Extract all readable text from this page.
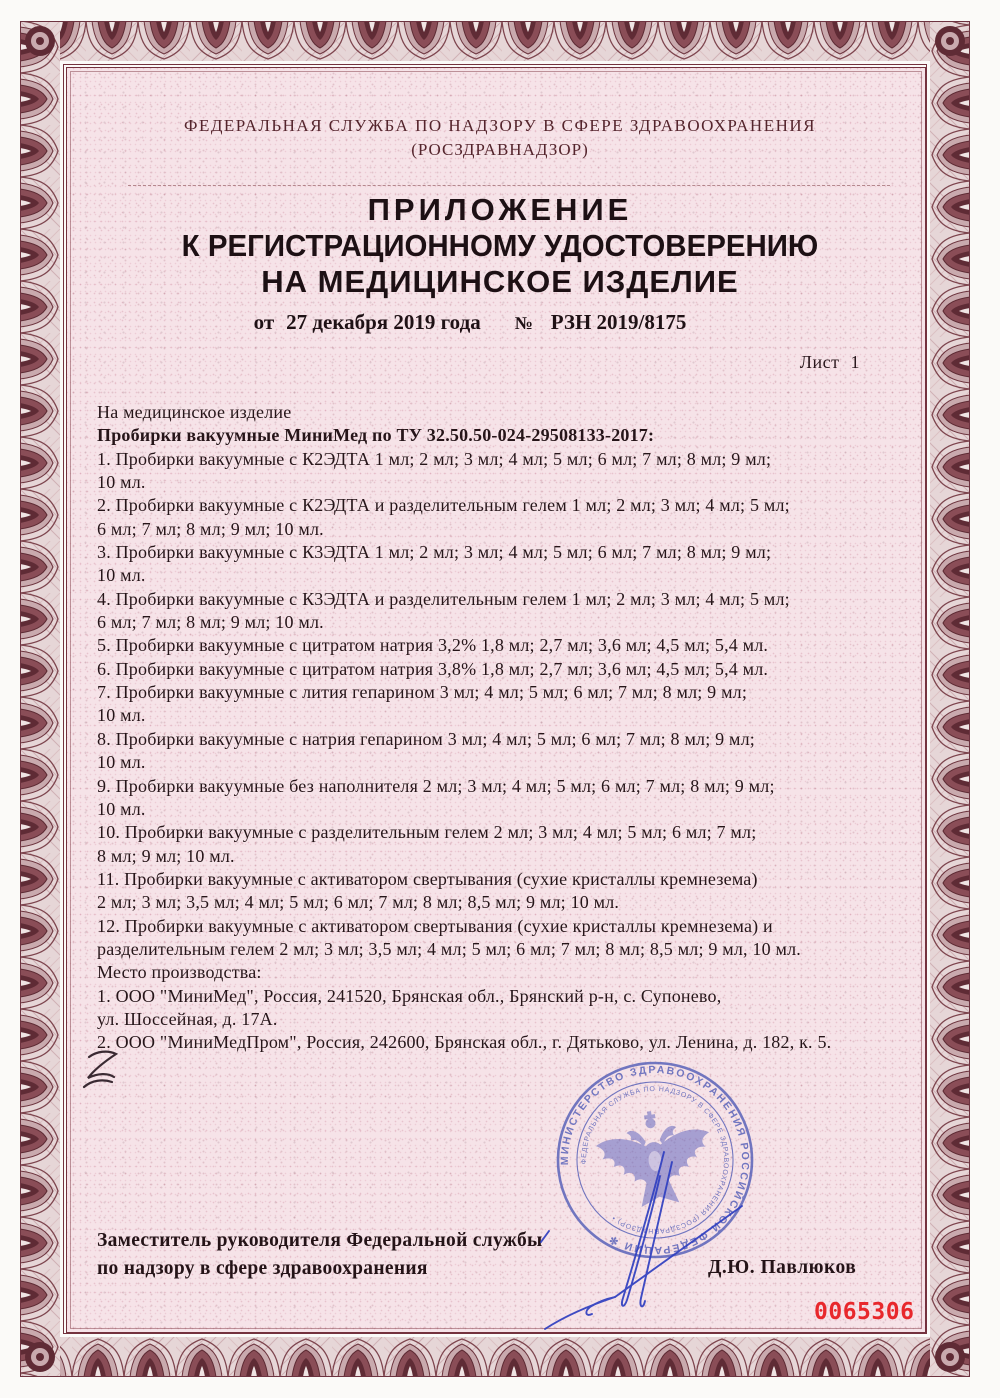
ФЕДЕРАЛЬНАЯ СЛУЖБА ПО НАДЗОРУ В СФЕРЕ ЗДРАВООХРАНЕНИЯ
(РОСЗДРАВНАДЗОР)
ПРИЛОЖЕНИЕ
К РЕГИСТРАЦИОННОМУ УДОСТОВЕРЕНИЮ
НА МЕДИЦИНСКОЕ ИЗДЕЛИЕ
от 27 декабря 2019 года № РЗН 2019/8175
Лист 1
На медицинское изделие
Пробирки вакуумные МиниМед по ТУ 32.50.50-024-29508133-2017:
1. Пробирки вакуумные с К2ЭДТА 1 мл; 2 мл; 3 мл; 4 мл; 5 мл; 6 мл; 7 мл; 8 мл; 9 мл;
10 мл.
2. Пробирки вакуумные с К2ЭДТА и разделительным гелем 1 мл; 2 мл; 3 мл; 4 мл; 5 мл;
6 мл; 7 мл; 8 мл; 9 мл; 10 мл.
3. Пробирки вакуумные с К3ЭДТА 1 мл; 2 мл; 3 мл; 4 мл; 5 мл; 6 мл; 7 мл; 8 мл; 9 мл;
10 мл.
4. Пробирки вакуумные с К3ЭДТА и разделительным гелем 1 мл; 2 мл; 3 мл; 4 мл; 5 мл;
6 мл; 7 мл; 8 мл; 9 мл; 10 мл.
5. Пробирки вакуумные с цитратом натрия 3,2% 1,8 мл; 2,7 мл; 3,6 мл; 4,5 мл; 5,4 мл.
6. Пробирки вакуумные с цитратом натрия 3,8% 1,8 мл; 2,7 мл; 3,6 мл; 4,5 мл; 5,4 мл.
7. Пробирки вакуумные с лития гепарином 3 мл; 4 мл; 5 мл; 6 мл; 7 мл; 8 мл; 9 мл;
10 мл.
8. Пробирки вакуумные с натрия гепарином 3 мл; 4 мл; 5 мл; 6 мл; 7 мл; 8 мл; 9 мл;
10 мл.
9. Пробирки вакуумные без наполнителя 2 мл; 3 мл; 4 мл; 5 мл; 6 мл; 7 мл; 8 мл; 9 мл;
10 мл.
10. Пробирки вакуумные с разделительным гелем 2 мл; 3 мл; 4 мл; 5 мл; 6 мл; 7 мл;
8 мл; 9 мл; 10 мл.
11. Пробирки вакуумные с активатором свертывания (сухие кристаллы кремнезема)
2 мл; 3 мл; 3,5 мл; 4 мл; 5 мл; 6 мл; 7 мл; 8 мл; 8,5 мл; 9 мл; 10 мл.
12. Пробирки вакуумные с активатором свертывания (сухие кристаллы кремнезема) и
разделительным гелем 2 мл; 3 мл; 3,5 мл; 4 мл; 5 мл; 6 мл; 7 мл; 8 мл; 8,5 мл; 9 мл, 10 мл.
Место производства:
1. ООО "МиниМед", Россия, 241520, Брянская обл., Брянский р-н, с. Супонево,
ул. Шоссейная, д. 17А.
2. ООО "МиниМедПром", Россия, 242600, Брянская обл., г. Дятьково, ул. Ленина, д. 182, к. 5.
Заместитель руководителя Федеральной службы
по надзору в сфере здравоохранения	Д.Ю. Павлюков
0065306
МИНИСТЕРСТВО ЗДРАВООХРАНЕНИЯ РОССИЙСКОЙ ФЕДЕРАЦИИ ✻
ФЕДЕРАЛЬНАЯ СЛУЖБА ПО НАДЗОРУ В СФЕРЕ ЗДРАВООХРАНЕНИЯ (РОСЗДРАВНАДЗОР) •
